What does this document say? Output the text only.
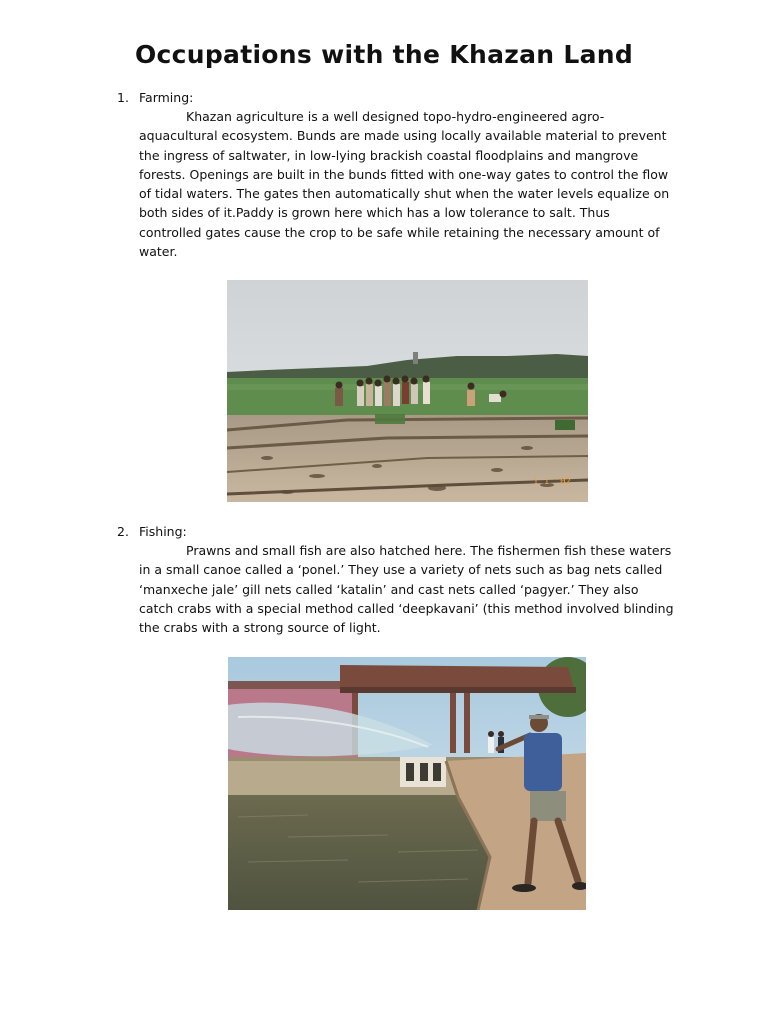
Occupations with the Khazan Land
1. Farming:

Khazan agriculture is a well designed topo-hydro-engineered agro-aquacultural ecosystem. Bunds are made using locally available material to prevent the ingress of saltwater, in low-lying brackish coastal floodplains and mangrove forests. Openings are built in the bunds fitted with one-way gates to control the flow of tidal waters. The gates then automatically shut when the water levels equalize on both sides of it.Paddy is grown here which has a low tolerance to salt. Thus controlled gates cause the crop to be safe while retaining the necessary amount of water.

1 1 '02
2. Fishing:

Prawns and small fish are also hatched here. The fishermen fish these waters in a small canoe called a ‘ponel.’ They use a variety of nets such as bag nets called ‘manxeche jale’ gill nets called ‘katalin’ and cast nets called ‘pagyer.’ They also catch crabs with a special method called ‘deepkavani’ (this method involved blinding the crabs with a strong source of light.
